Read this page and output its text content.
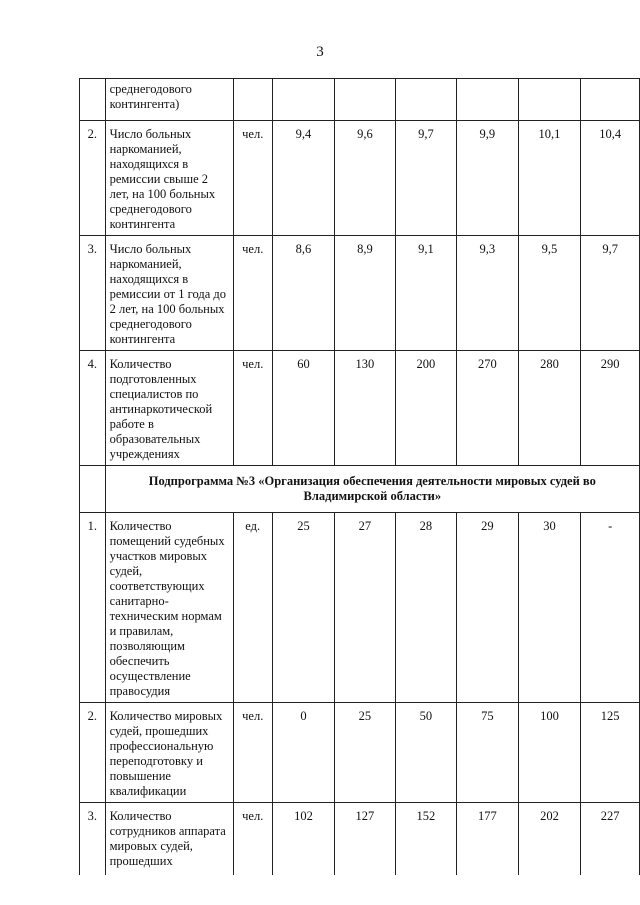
3
	среднегодового контингента)							
2.	Число больных наркоманией, находящихся в ремиссии свыше 2 лет, на 100 больных среднегодового контингента	чел.	9,4	9,6	9,7	9,9	10,1	10,4
3.	Число больных наркоманией, находящихся в ремиссии от 1 года до 2 лет, на 100 больных среднегодового контингента	чел.	8,6	8,9	9,1	9,3	9,5	9,7
4.	Количество подготовленных специалистов по антинаркотической работе в образовательных учреждениях	чел.	60	130	200	270	280	290
	Подпрограмма №3 «Организация обеспечения деятельности мировых судей во Владимирской области»							
1.	Количество помещений судебных участков мировых судей, соответствующих санитарно-техническим нормам и правилам, позволяющим обеспечить осуществление правосудия	ед.	25	27	28	29	30	-
2.	Количество мировых судей, прошедших профессиональную переподготовку и повышение квалификации	чел.	0	25	50	75	100	125
3.	Количество сотрудников аппарата мировых судей, прошедших	чел.	102	127	152	177	202	227
